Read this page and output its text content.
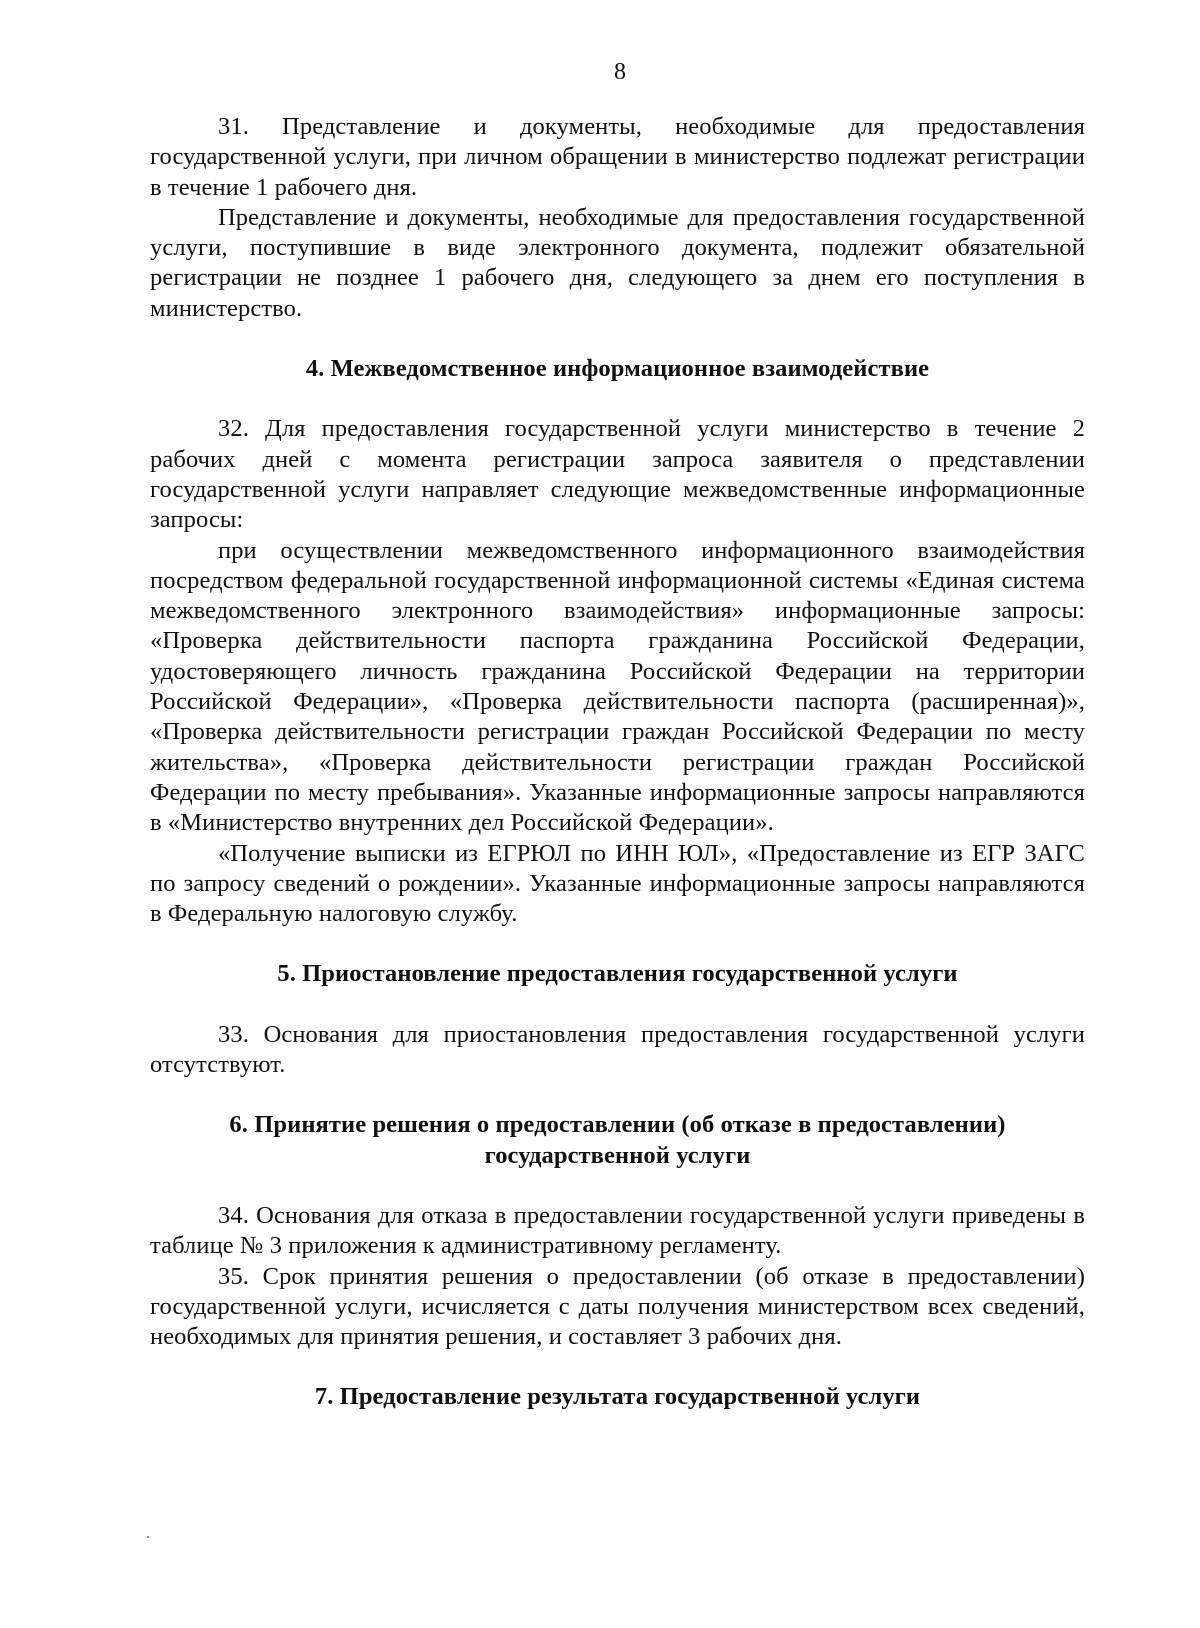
8

31. Представление и документы, необходимые для предоставления государственной услуги, при личном обращении в министерство подлежат регистрации в течение 1 рабочего дня.

Представление и документы, необходимые для предоставления государственной услуги, поступившие в виде электронного документа, подлежит обязательной регистрации не позднее 1 рабочего дня, следующего за днем его поступления в министерство.

4. Межведомственное информационное взаимодействие

32. Для предоставления государственной услуги министерство в течение 2 рабочих дней с момента регистрации запроса заявителя о представлении государственной услуги направляет следующие межведомственные информационные запросы:

при осуществлении межведомственного информационного взаимодействия посредством федеральной государственной информационной системы «Единая система межведомственного электронного взаимодействия» информационные запросы: «Проверка действительности паспорта гражданина Российской Федерации, удостоверяющего личность гражданина Российской Федерации на территории Российской Федерации», «Проверка действительности паспорта (расширенная)», «Проверка действительности регистрации граждан Российской Федерации по месту жительства», «Проверка действительности регистрации граждан Российской Федерации по месту пребывания». Указанные информационные запросы направляются в «Министерство внутренних дел Российской Федерации».

«Получение выписки из ЕГРЮЛ по ИНН ЮЛ», «Предоставление из ЕГР ЗАГС по запросу сведений о рождении». Указанные информационные запросы направляются в Федеральную налоговую службу.

5. Приостановление предоставления государственной услуги

33. Основания для приостановления предоставления государственной услуги отсутствуют.

6. Принятие решения о предоставлении (об отказе в предоставлении)
государственной услуги

34. Основания для отказа в предоставлении государственной услуги приведены в таблице № 3 приложения к административному регламенту.

35. Срок принятия решения о предоставлении (об отказе в предоставлении) государственной услуги, исчисляется с даты получения министерством всех сведений, необходимых для принятия решения, и составляет 3 рабочих дня.

7. Предоставление результата государственной услуги
